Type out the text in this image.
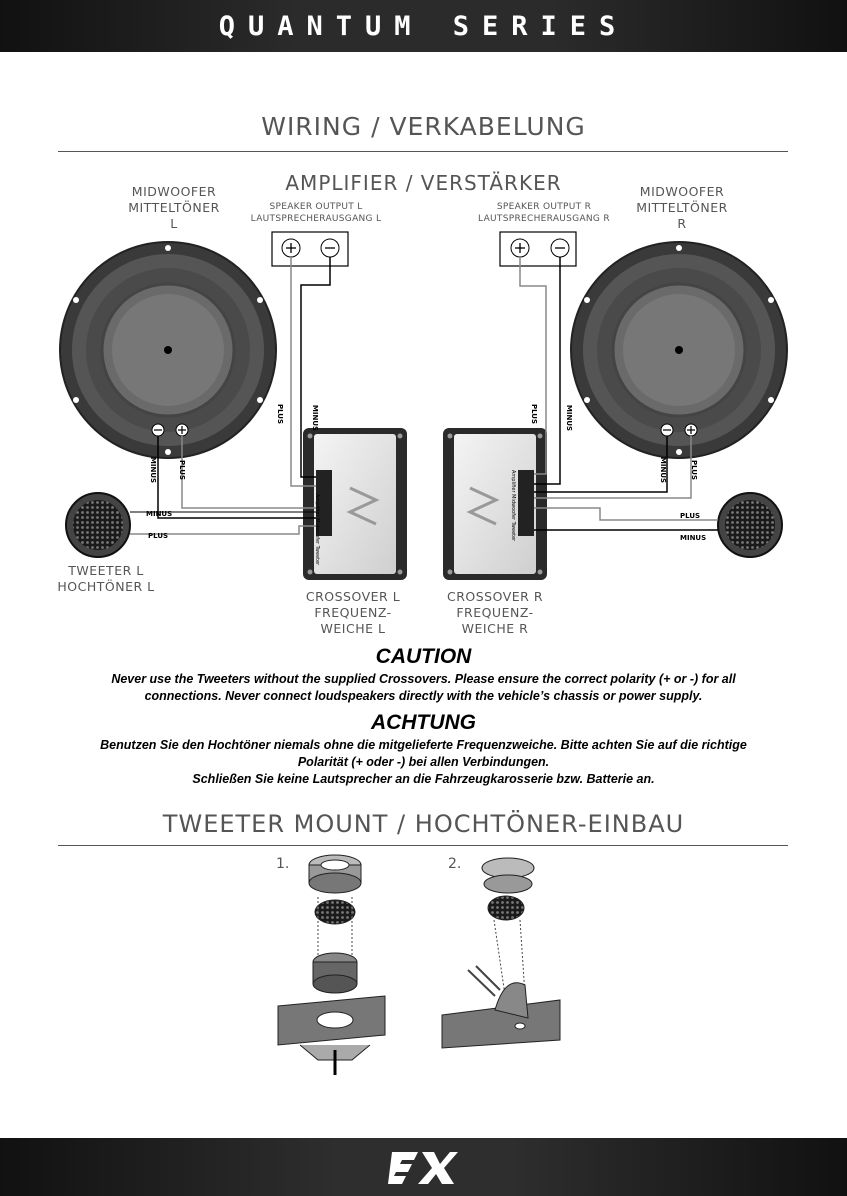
QUANTUM SERIES
WIRING / VERKABELUNG
AMPLIFIER / VERSTÄRKER
MIDWOOFER
MITTELTÖNER
L
MIDWOOFER
MITTELTÖNER
R
SPEAKER OUTPUT L
LAUTSPRECHERAUSGANG L
SPEAKER OUTPUT R
LAUTSPRECHERAUSGANG R
TWEETER L
HOCHTÖNER L
CROSSOVER L
FREQUENZ-
WEICHE L
CROSSOVER R
FREQUENZ-
WEICHE R
PLUS	MINUS
MINUS	PLUS
MINUS
PLUS
PLUS	MINUS
MINUS	PLUS
PLUS
MINUS
Amplifier Midwoofer Tweeter	Amplifier Midwoofer Tweeter
CAUTION
Never use the Tweeters without the supplied Crossovers. Please ensure the correct polarity (+ or -) for all
connections. Never connect loudspeakers directly with the vehicle’s chassis or power supply.
ACHTUNG
Benutzen Sie den Hochtöner niemals ohne die mitgelieferte Frequenzweiche. Bitte achten Sie auf die richtige
Polarität (+ oder -) bei allen Verbindungen.
Schließen Sie keine Lautsprecher an die Fahrzeugkarosserie bzw. Batterie an.
TWEETER MOUNT / HOCHTÖNER-EINBAU
1.	2.
